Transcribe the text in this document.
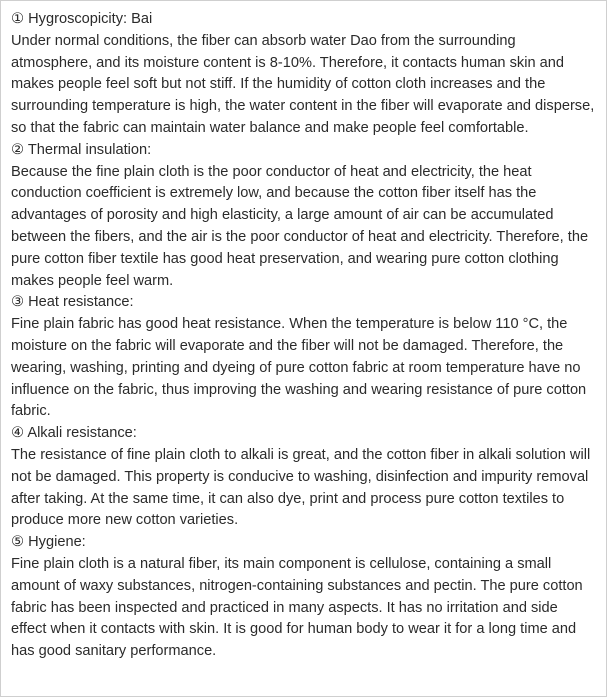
① Hygroscopicity: Bai

Under normal conditions, the fiber can absorb water Dao from the surrounding atmosphere, and its moisture content is 8-10%. Therefore, it contacts human skin and makes people feel soft but not stiff. If the humidity of cotton cloth increases and the surrounding temperature is high, the water content in the fiber will evaporate and disperse, so that the fabric can maintain water balance and make people feel comfortable.

② Thermal insulation:

Because the fine plain cloth is the poor conductor of heat and electricity, the heat conduction coefficient is extremely low, and because the cotton fiber itself has the advantages of porosity and high elasticity, a large amount of air can be accumulated between the fibers, and the air is the poor conductor of heat and electricity. Therefore, the pure cotton fiber textile has good heat preservation, and wearing pure cotton clothing makes people feel warm.

③ Heat resistance:

Fine plain fabric has good heat resistance. When the temperature is below 110 °C, the moisture on the fabric will evaporate and the fiber will not be damaged. Therefore, the wearing, washing, printing and dyeing of pure cotton fabric at room temperature have no influence on the fabric, thus improving the washing and wearing resistance of pure cotton fabric.

④ Alkali resistance:

The resistance of fine plain cloth to alkali is great, and the cotton fiber in alkali solution will not be damaged. This property is conducive to washing, disinfection and impurity removal after taking. At the same time, it can also dye, print and process pure cotton textiles to produce more new cotton varieties.

⑤ Hygiene:

Fine plain cloth is a natural fiber, its main component is cellulose, containing a small amount of waxy substances, nitrogen-containing substances and pectin. The pure cotton fabric has been inspected and practiced in many aspects. It has no irritation and side effect when it contacts with skin. It is good for human body to wear it for a long time and has good sanitary performance.
